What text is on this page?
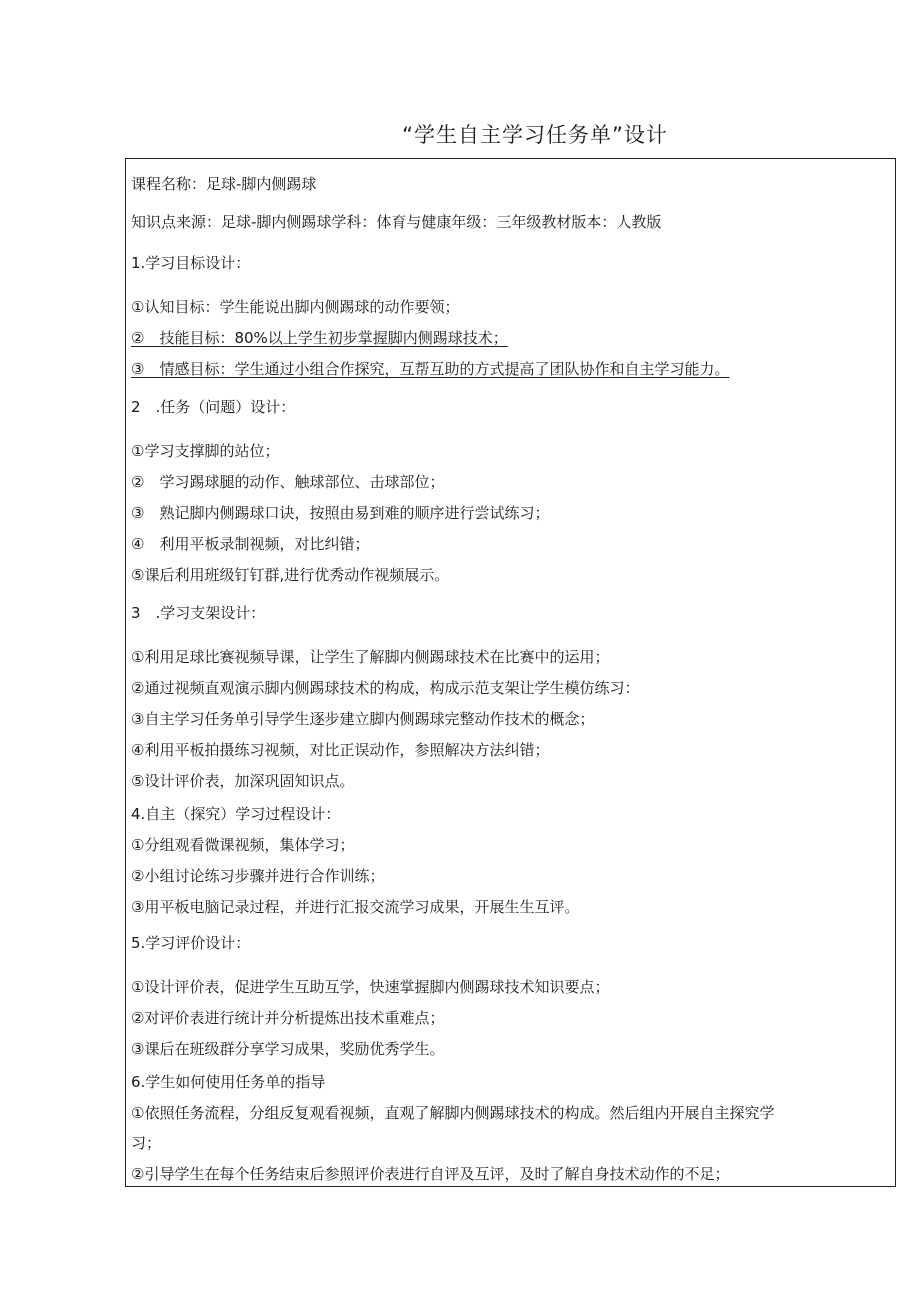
“学生自主学习任务单”设计
课程名称：足球-脚内侧踢球
知识点来源：足球-脚内侧踢球学科：体育与健康年级：三年级教材版本：人教版
1.学习目标设计：
①认知目标：学生能说出脚内侧踢球的动作要领；
②　技能目标：80%以上学生初步掌握脚内侧踢球技术；
③　情感目标：学生通过小组合作探究，互帮互助的方式提高了团队协作和自主学习能力。
2　.任务（问题）设计：
①学习支撑脚的站位；
②　学习踢球腿的动作、触球部位、击球部位；
③　熟记脚内侧踢球口诀，按照由易到难的顺序进行尝试练习；
④　利用平板录制视频，对比纠错；
⑤课后利用班级钉钉群,进行优秀动作视频展示。
3　.学习支架设计：
①利用足球比赛视频导课，让学生了解脚内侧踢球技术在比赛中的运用；
②通过视频直观演示脚内侧踢球技术的构成，构成示范支架让学生模仿练习：
③自主学习任务单引导学生逐步建立脚内侧踢球完整动作技术的概念；
④利用平板拍摄练习视频，对比正误动作，参照解决方法纠错；
⑤设计评价表，加深巩固知识点。
4.自主（探究）学习过程设计：
①分组观看微课视频，集体学习；
②小组讨论练习步骤并进行合作训练；
③用平板电脑记录过程，并进行汇报交流学习成果，开展生生互评。
5.学习评价设计：
①设计评价表，促进学生互助互学，快速掌握脚内侧踢球技术知识要点；
②对评价表进行统计并分析提炼出技术重难点；
③课后在班级群分享学习成果，奖励优秀学生。
6.学生如何使用任务单的指导
①依照任务流程，分组反复观看视频，直观了解脚内侧踢球技术的构成。然后组内开展自主探究学
习；
②引导学生在每个任务结束后参照评价表进行自评及互评，及时了解自身技术动作的不足；
